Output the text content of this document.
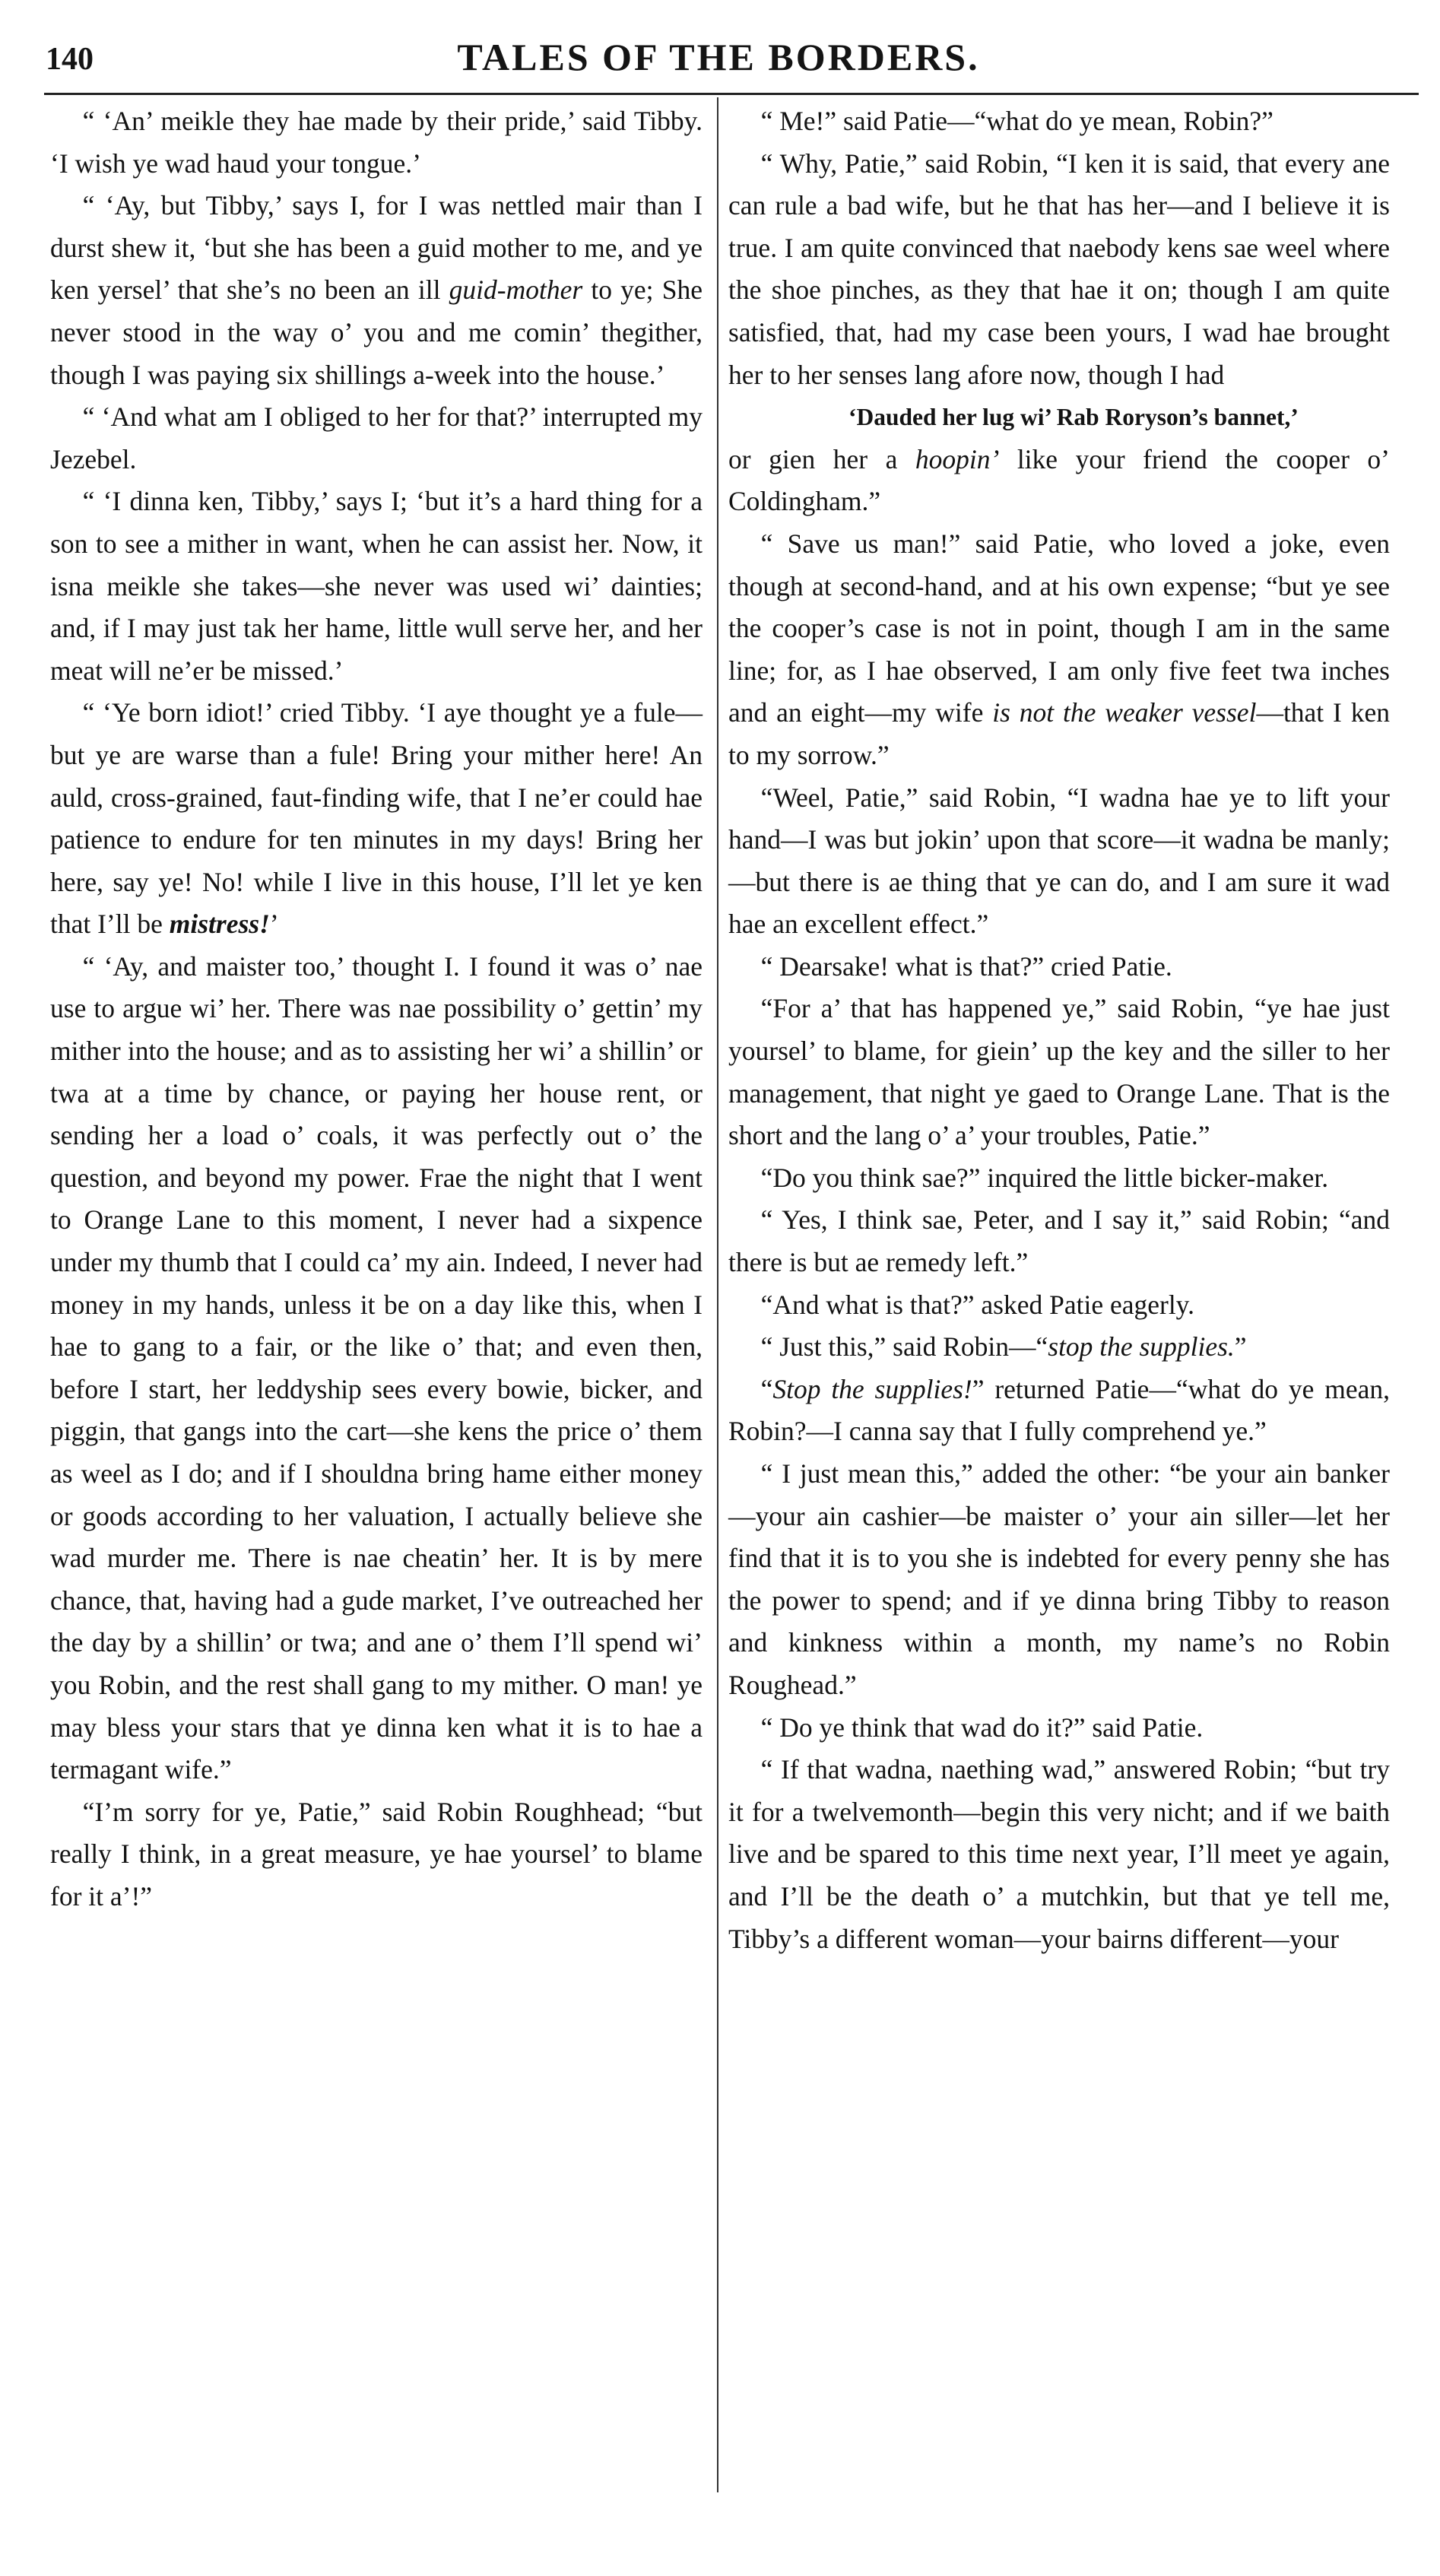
140	TALES OF THE BORDERS.

“ ‘An’ meikle they hae made by their pride,’ said Tibby. ‘I wish ye wad haud your tongue.’

“ ‘Ay, but Tibby,’ says I, for I was nettled mair than I durst shew it, ‘but she has been a guid mother to me, and ye ken yersel’ that she’s no been an ill guid-mother to ye; She never stood in the way o’ you and me comin’ thegither, though I was paying six shillings a-week into the house.’

“ ‘And what am I obliged to her for that?’ interrupted my Jezebel.

“ ‘I dinna ken, Tibby,’ says I; ‘but it’s a hard thing for a son to see a mither in want, when he can assist her. Now, it isna meikle she takes—she never was used wi’ dainties; and, if I may just tak her hame, little wull serve her, and her meat will ne’er be missed.’

“ ‘Ye born idiot!’ cried Tibby. ‘I aye thought ye a fule—but ye are warse than a fule! Bring your mither here! An auld, cross-grained, faut-finding wife, that I ne’er could hae patience to endure for ten minutes in my days! Bring her here, say ye! No! while I live in this house, I’ll let ye ken that I’ll be mistress!’

“ ‘Ay, and maister too,’ thought I. I found it was o’ nae use to argue wi’ her. There was nae possibility o’ gettin’ my mither into the house; and as to assisting her wi’ a shillin’ or twa at a time by chance, or paying her house rent, or sending her a load o’ coals, it was perfectly out o’ the question, and beyond my power. Frae the night that I went to Orange Lane to this moment, I never had a sixpence under my thumb that I could ca’ my ain. Indeed, I never had money in my hands, unless it be on a day like this, when I hae to gang to a fair, or the like o’ that; and even then, before I start, her leddyship sees every bowie, bicker, and piggin, that gangs into the cart—she kens the price o’ them as weel as I do; and if I shouldna bring hame either money or goods according to her valuation, I actually believe she wad murder me. There is nae cheatin’ her. It is by mere chance, that, having had a gude market, I’ve outreached her the day by a shillin’ or twa; and ane o’ them I’ll spend wi’ you Robin, and the rest shall gang to my mither. O man! ye may bless your stars that ye dinna ken what it is to hae a termagant wife.”

“I’m sorry for ye, Patie,” said Robin Roughhead; “but really I think, in a great measure, ye hae yoursel’ to blame for it a’!”

“ Me!” said Patie—“what do ye mean, Robin?”

“ Why, Patie,” said Robin, “I ken it is said, that every ane can rule a bad wife, but he that has her—and I believe it is true. I am quite convinced that naebody kens sae weel where the shoe pinches, as they that hae it on; though I am quite satisfied, that, had my case been yours, I wad hae brought her to her senses lang afore now, though I had

‘Dauded her lug wi’ Rab Roryson’s bannet,’

or gien her a hoopin’ like your friend the cooper o’ Coldingham.”

“ Save us man!” said Patie, who loved a joke, even though at second-hand, and at his own expense; “but ye see the cooper’s case is not in point, though I am in the same line; for, as I hae observed, I am only five feet twa inches and an eight—my wife is not the weaker vessel—that I ken to my sorrow.”

“Weel, Patie,” said Robin, “I wadna hae ye to lift your hand—I was but jokin’ upon that score—it wadna be manly;—but there is ae thing that ye can do, and I am sure it wad hae an excellent effect.”

“ Dearsake! what is that?” cried Patie.

“For a’ that has happened ye,” said Robin, “ye hae just yoursel’ to blame, for giein’ up the key and the siller to her management, that night ye gaed to Orange Lane. That is the short and the lang o’ a’ your troubles, Patie.”

“Do you think sae?” inquired the little bicker-maker.

“ Yes, I think sae, Peter, and I say it,” said Robin; “and there is but ae remedy left.”

“And what is that?” asked Patie eagerly.

“ Just this,” said Robin—“stop the supplies.”

“Stop the supplies!” returned Patie—“what do ye mean, Robin?—I canna say that I fully comprehend ye.”

“ I just mean this,” added the other: “be your ain banker—your ain cashier—be maister o’ your ain siller—let her find that it is to you she is indebted for every penny she has the power to spend; and if ye dinna bring Tibby to reason and kinkness within a month, my name’s no Robin Roughead.”

“ Do ye think that wad do it?” said Patie.

“ If that wadna, naething wad,” answered Robin; “but try it for a twelvemonth—begin this very nicht; and if we baith live and be spared to this time next year, I’ll meet ye again, and I’ll be the death o’ a mutchkin, but that ye tell me, Tibby’s a different woman—your bairns different—your
